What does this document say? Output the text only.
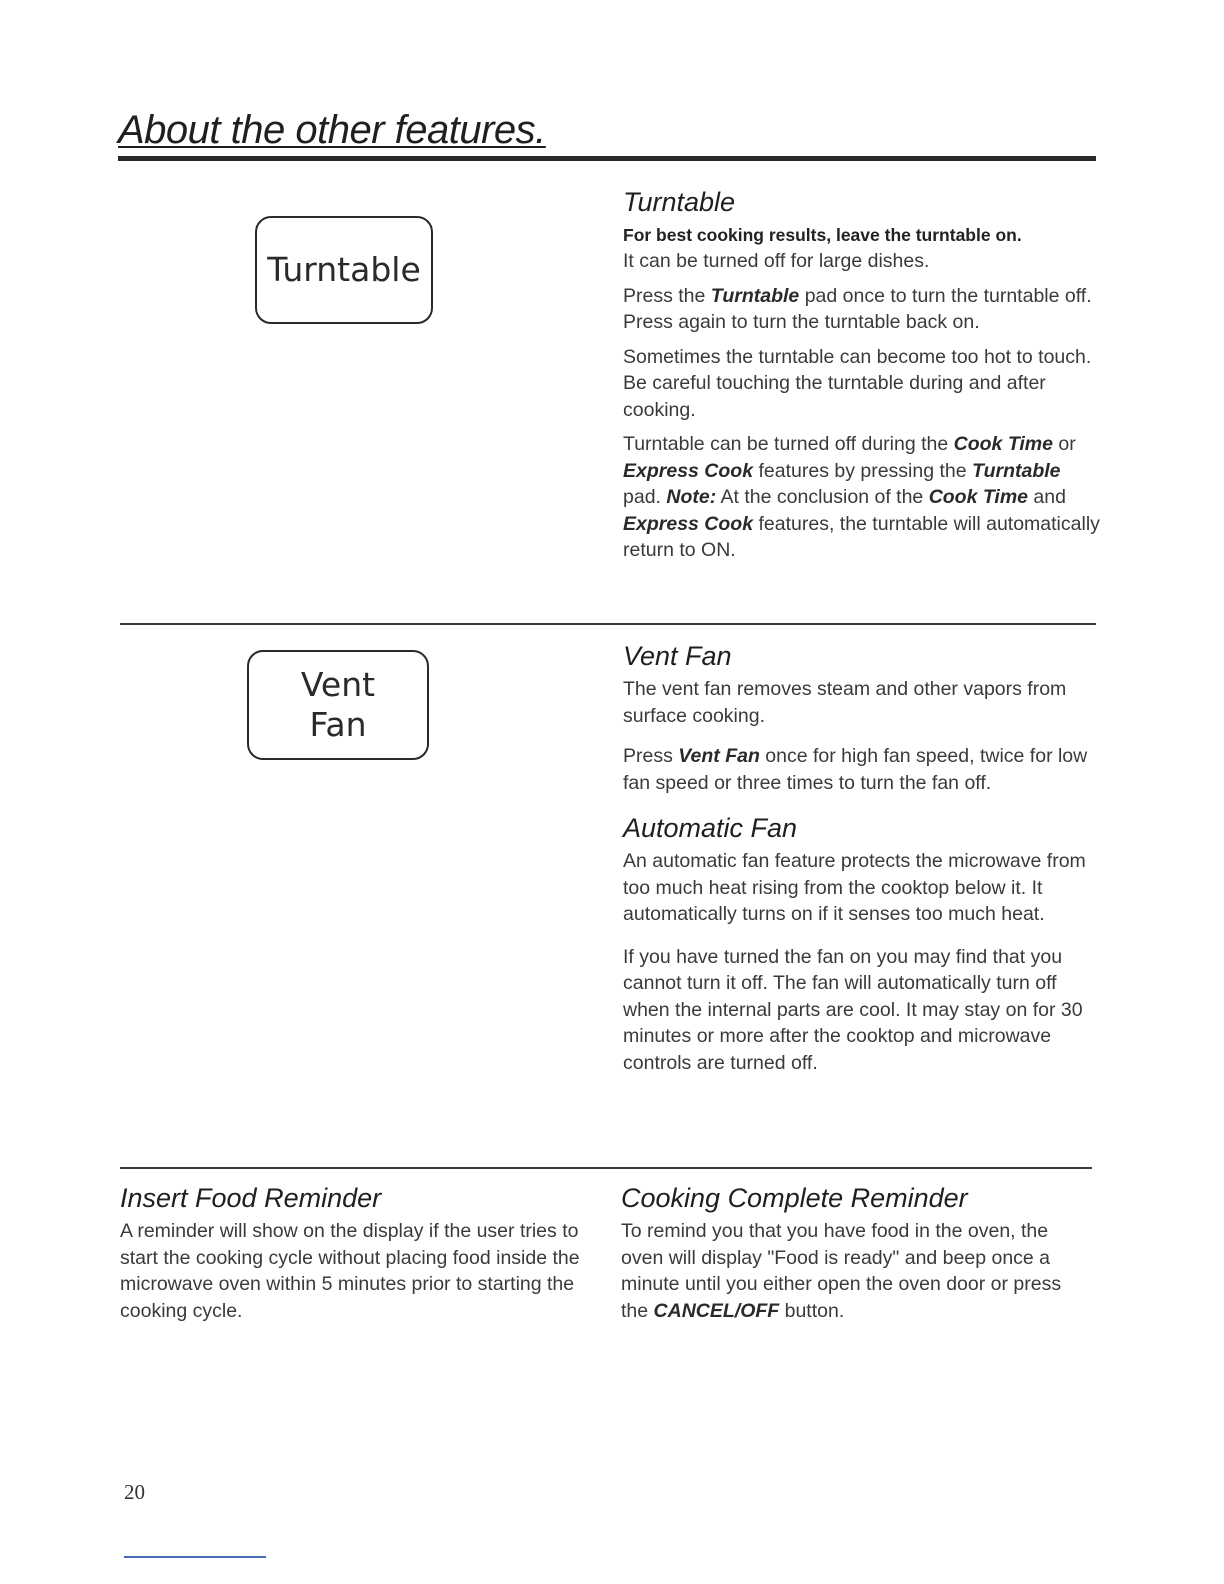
About the other features.
Turntable
Turntable

For best cooking results, leave the turntable on.

It can be turned off for large dishes.

Press the Turntable pad once to turn the turntable off. Press again to turn the turntable back on.

Sometimes the turntable can become too hot to touch. Be careful touching the turntable during and after cooking.

Turntable can be turned off during the Cook Time or Express Cook features by pressing the Turntable pad. Note: At the conclusion of the Cook Time and Express Cook features, the turntable will automatically return to ON.

Vent
Fan
Vent Fan

The vent fan removes steam and other vapors from surface cooking.

Press Vent Fan once for high fan speed, twice for low fan speed or three times to turn the fan off.

Automatic Fan

An automatic fan feature protects the microwave from too much heat rising from the cooktop below it. It automatically turns on if it senses too much heat.

If you have turned the fan on you may find that you cannot turn it off. The fan will automatically turn off when the internal parts are cool. It may stay on for 30 minutes or more after the cooktop and microwave controls are turned off.

Insert Food Reminder

A reminder will show on the display if the user tries to start the cooking cycle without placing food inside the microwave oven within 5 minutes prior to starting the cooking cycle.

Cooking Complete Reminder

To remind you that you have food in the oven, the oven will display "Food is ready" and beep once a minute until you either open the oven door or press the CANCEL/OFF button.

20
